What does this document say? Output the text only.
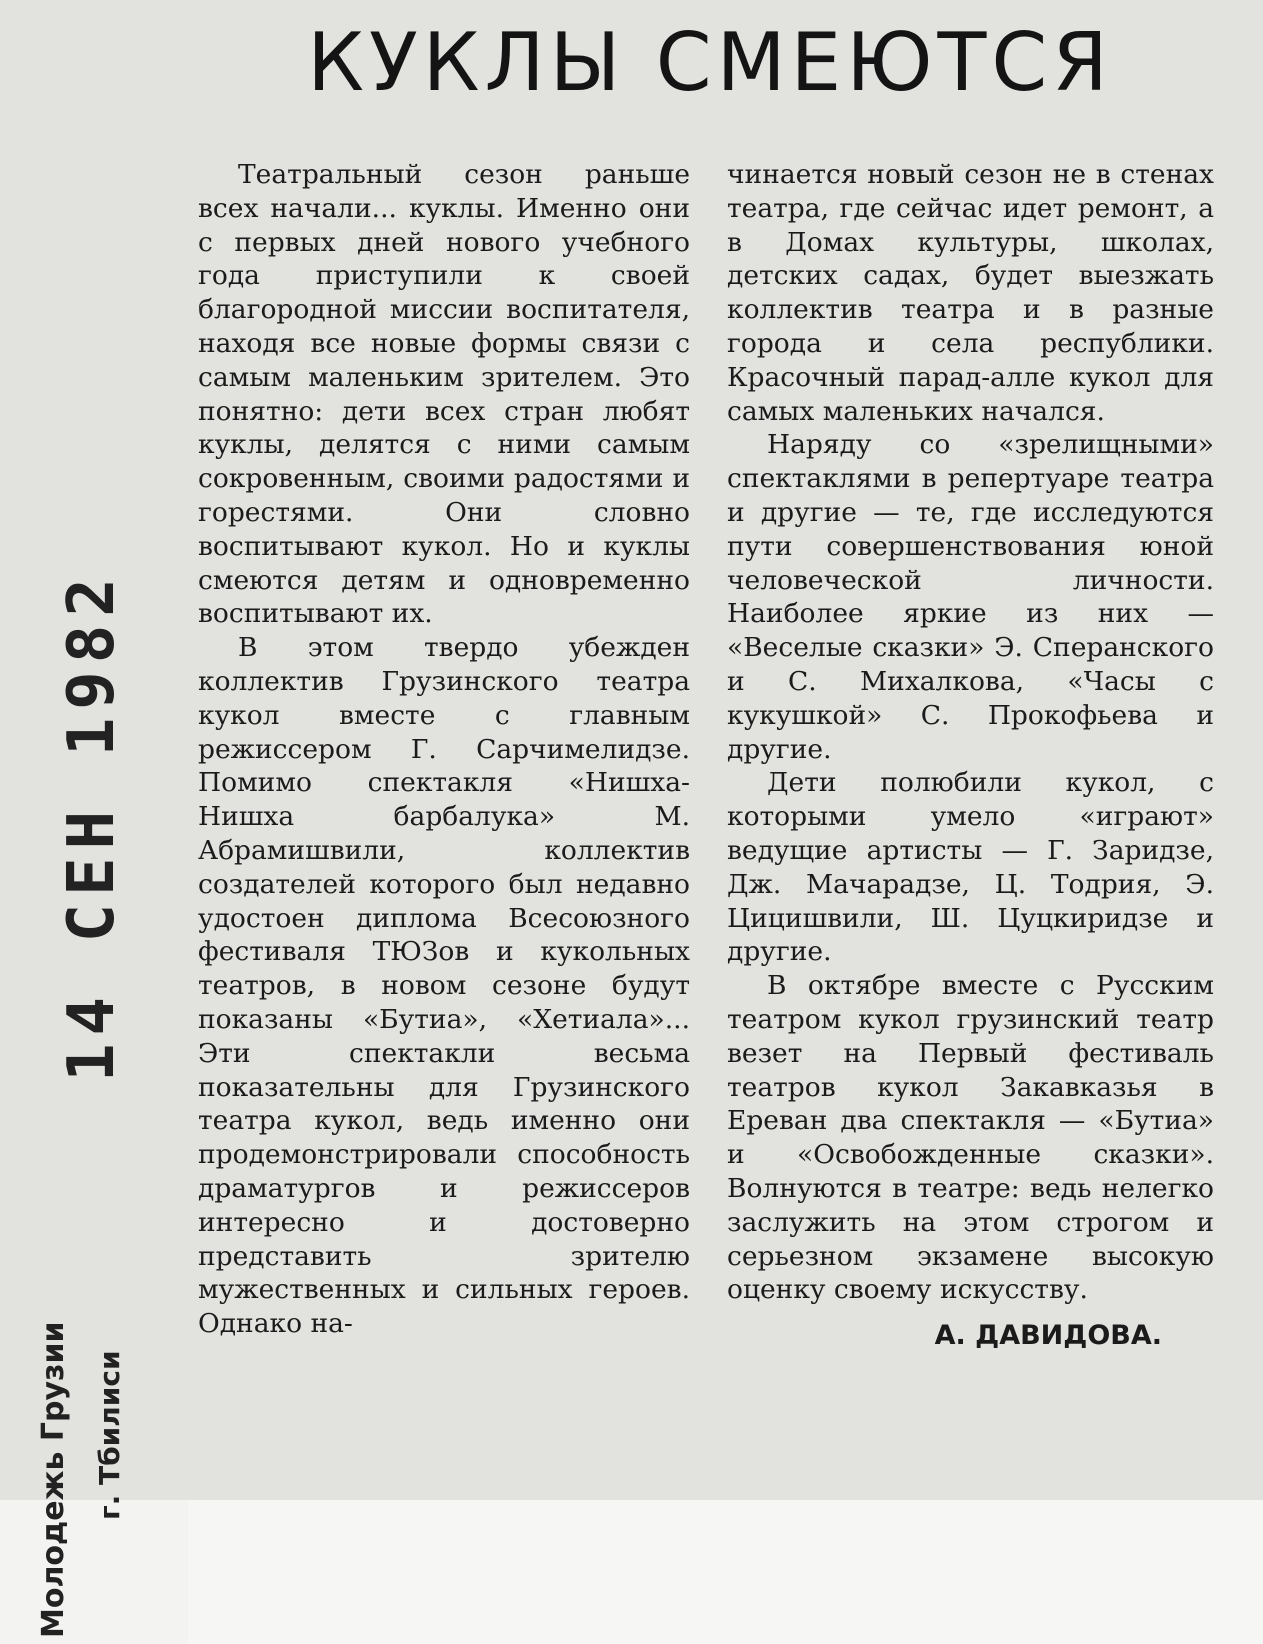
КУКЛЫ СМЕЮТСЯ

Театральный сезон раньше всех начали... куклы. Именно они с первых дней нового учебного года приступили к своей благородной миссии воспитателя, находя все новые формы связи с самым маленьким зрителем. Это понятно: дети всех стран любят куклы, делятся с ними самым сокровенным, своими радостями и горестями. Они словно воспитывают кукол. Но и куклы смеются детям и одновременно воспитывают их.

В этом твердо убежден коллектив Грузинского театра кукол вместе с главным режиссером Г. Сарчимелидзе. Помимо спектакля «Нишха-Нишха барбалука» М. Абрамишвили, коллектив создателей которого был недавно удостоен диплома Всесоюзного фестиваля ТЮЗов и кукольных театров, в новом сезоне будут показаны «Бутиа», «Хетиала»... Эти спектакли весьма показательны для Грузинского театра кукол, ведь именно они продемонстрировали способность драматургов и режиссеров интересно и достоверно представить зрителю мужественных и сильных героев. Однако на-

чинается новый сезон не в стенах театра, где сейчас идет ремонт, а в Домах культуры, школах, детских садах, будет выезжать коллектив театра и в разные города и села республики. Красочный парад-алле кукол для самых маленьких начался.

Наряду со «зрелищными» спектаклями в репертуаре театра и другие — те, где исследуются пути совершенствования юной человеческой личности. Наиболее яркие из них — «Веселые сказки» Э. Сперанского и С. Михалкова, «Часы с кукушкой» С. Прокофьева и другие.

Дети полюбили кукол, с которыми умело «играют» ведущие артисты — Г. Заридзе, Дж. Мачарадзе, Ц. Тодрия, Э. Цицишвили, Ш. Цуцкиридзе и другие.

В октябре вместе с Русским театром кукол грузинский театр везет на Первый фестиваль театров кукол Закавказья в Ереван два спектакля — «Бутиа» и «Освобожденные сказки». Волнуются в театре: ведь нелегко заслужить на этом строгом и серьезном экзамене высокую оценку своему искусству.

А. ДАВИДОВА.

14 СЕН 1982
Молодежь Грузии г. Тбилиси
